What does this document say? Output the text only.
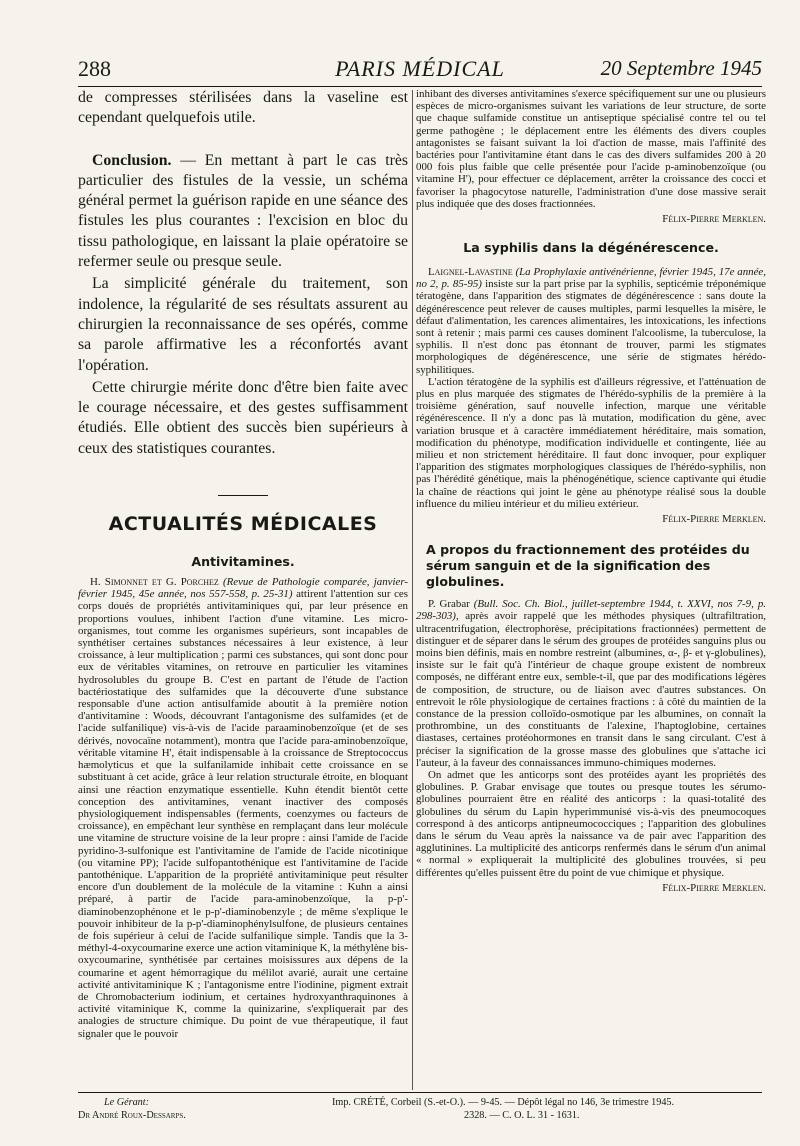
288	PARIS MÉDICAL	20 Septembre 1945

de compresses stérilisées dans la vaseline est cependant quelquefois utile.

Conclusion. — En mettant à part le cas très particulier des fistules de la vessie, un schéma général permet la guérison rapide en une séance des fistules les plus courantes : l'excision en bloc du tissu pathologique, en laissant la plaie opératoire se refermer seule ou presque seule.

La simplicité générale du traitement, son indolence, la régularité de ses résultats assurent au chirurgien la reconnaissance de ses opérés, comme sa parole affirmative les a réconfortés avant l'opération.

Cette chirurgie mérite donc d'être bien faite avec le courage nécessaire, et des gestes suffisamment étudiés. Elle obtient des succès bien supérieurs à ceux des statistiques courantes.

ACTUALITÉS MÉDICALES
Antivitamines.

H. Simonnet et G. Porchez (Revue de Pathologie comparée, janvier-février 1945, 45e année, nos 557-558, p. 25-31) attirent l'attention sur ces corps doués de propriétés antivitaminiques qui, par leur présence en proportions voulues, inhibent l'action d'une vitamine. Les micro-organismes, tout comme les organismes supérieurs, sont incapables de synthétiser certaines substances nécessaires à leur existence, à leur croissance, à leur multiplication ; parmi ces substances, qui sont donc pour eux de véritables vitamines, on retrouve en particulier les vitamines hydrosolubles du groupe B. C'est en partant de l'étude de l'action bactériostatique des sulfamides que la découverte d'une substance responsable d'une action antisulfamide aboutit à la première notion d'antivitamine : Woods, découvrant l'antagonisme des sulfamides (et de l'acide sulfanilique) vis-à-vis de l'acide paraaminobenzoïque (et de ses dérivés, novocaïne notamment), montra que l'acide para-aminobenzoïque, véritable vitamine H', était indispensable à la croissance de Streptococcus hæmolyticus et que la sulfanilamide inhibait cette croissance en se substituant à cet acide, grâce à leur relation structurale étroite, en bloquant ainsi une réaction enzymatique essentielle. Kuhn étendit bientôt cette conception des antivitamines, venant inactiver des composés physiologiquement indispensables (ferments, coenzymes ou facteurs de croissance), en empêchant leur synthèse en remplaçant dans leur molécule une vitamine de structure voisine de la leur propre : ainsi l'amide de l'acide pyridino-3-sulfonique est l'antivitamine de l'amide de l'acide nicotinique (ou vitamine PP); l'acide sulfopantothénique est l'antivitamine de l'acide pantothénique. L'apparition de la propriété antivitaminique peut résulter encore d'un doublement de la molécule de la vitamine : Kuhn a ainsi préparé, à partir de l'acide para-aminobenzoïque, la p-p'-diaminobenzophénone et le p-p'-diaminobenzyle ; de même s'explique le pouvoir inhibiteur de la p-p'-diaminophénylsulfone, de plusieurs centaines de fois supérieur à celui de l'acide sulfanilique simple. Tandis que la 3-méthyl-4-oxycoumarine exerce une action vitaminique K, la méthylène bis-oxycoumarine, synthétisée par certaines moisissures aux dépens de la coumarine et agent hémorragique du mélilot avarié, aurait une certaine activité antivitaminique K ; l'antagonisme entre l'iodinine, pigment extrait de Chromobacterium iodinium, et certaines hydroxyanthraquinones à activité vitaminique K, comme la quinizarine, s'expliquerait par des analogies de structure chimique. Du point de vue thérapeutique, il faut signaler que le pouvoir

inhibant des diverses antivitamines s'exerce spécifiquement sur une ou plusieurs espèces de micro-organismes suivant les variations de leur structure, de sorte que chaque sulfamide constitue un antiseptique spécialisé contre tel ou tel germe pathogène ; le déplacement entre les éléments des divers couples antagonistes se faisant suivant la loi d'action de masse, mais l'affinité des bactéries pour l'antivitamine étant dans le cas des divers sulfamides 200 à 20 000 fois plus faible que celle présentée pour l'acide p-aminobenzoïque (ou vitamine H'), pour effectuer ce déplacement, arrêter la croissance des cocci et favoriser la phagocytose naturelle, l'administration d'une dose massive serait plus indiquée que des doses fractionnées.

Félix-Pierre Merklen.

La syphilis dans la dégénérescence.

Laignel-Lavastine (La Prophylaxie antivénérienne, février 1945, 17e année, no 2, p. 85-95) insiste sur la part prise par la syphilis, septicémie tréponémique tératogène, dans l'apparition des stigmates de dégénérescence : sans doute la dégénérescence peut relever de causes multiples, parmi lesquelles la misère, le défaut d'alimentation, les carences alimentaires, les intoxications, les infections sont à retenir ; mais parmi ces causes dominent l'alcoolisme, la tuberculose, la syphilis. Il n'est donc pas étonnant de trouver, parmi les stigmates morphologiques de dégénérescence, une série de stigmates hérédo-syphilitiques.

L'action tératogène de la syphilis est d'ailleurs régressive, et l'atténuation de plus en plus marquée des stigmates de l'hérédo-syphilis de la première à la troisième génération, sauf nouvelle infection, marque une véritable régénérescence. Il n'y a donc pas là mutation, modification du gène, avec variation brusque et à caractère immédiatement héréditaire, mais somation, modification du phénotype, modification individuelle et contingente, liée au milieu et non strictement héréditaire. Il faut donc invoquer, pour expliquer l'apparition des stigmates morphologiques classiques de l'hérédo-syphilis, non pas l'hérédité génétique, mais la phénogénétique, science captivante qui étudie la chaîne de réactions qui joint le gène au phénotype réalisé sous la double influence du milieu intérieur et du milieu extérieur.

Félix-Pierre Merklen.

A propos du fractionnement des protéides du sérum sanguin et de la signification des globulines.

P. Grabar (Bull. Soc. Ch. Biol., juillet-septembre 1944, t. XXVI, nos 7-9, p. 298-303), après avoir rappelé que les méthodes physiques (ultrafiltration, ultracentrifugation, électrophorèse, précipitations fractionnées) permettent de distinguer et de séparer dans le sérum des groupes de protéides sanguins plus ou moins bien définis, mais en nombre restreint (albumines, α-, β- et γ-globulines), insiste sur le fait qu'à l'intérieur de chaque groupe existent de nombreux composés, ne différant entre eux, semble-t-il, que par des modifications légères de composition, de structure, ou de liaison avec d'autres substances. On entrevoit le rôle physiologique de certaines fractions : à côté du maintien de la constance de la pression colloïdo-osmotique par les albumines, on connaît la prothrombine, un des constituants de l'alexine, l'haptoglobine, certaines diastases, certaines protéohormones en transit dans le sang circulant. C'est à préciser la signification de la grosse masse des globulines que s'attache ici l'auteur, à la faveur des connaissances immuno-chimiques modernes.

On admet que les anticorps sont des protéides ayant les propriétés des globulines. P. Grabar envisage que toutes ou presque toutes les sérumo-globulines pourraient être en réalité des anticorps : la quasi-totalité des globulines du sérum du Lapin hyperimmunisé vis-à-vis des pneumocoques correspond à des anticorps antipneumococciques ; l'apparition des globulines dans le sérum du Veau après la naissance va de pair avec l'apparition des agglutinines. La multiplicité des anticorps renfermés dans le sérum d'un animal « normal » expliquerait la multiplicité des globulines trouvées, si peu différentes qu'elles puissent être du point de vue chimique et physique.

Félix-Pierre Merklen.

Le Gérant:
Dr André Roux-Dessarps.
Imp. CRÉTÉ, Corbeil (S.-et-O.). — 9-45. — Dépôt légal no 146, 3e trimestre 1945.
2328. — C. O. L. 31 - 1631.
